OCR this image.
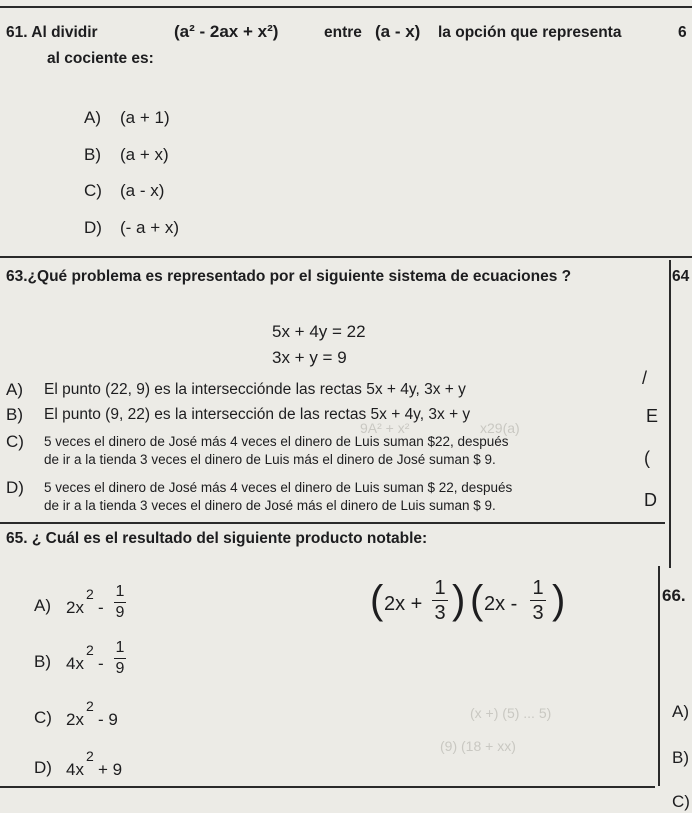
9A² + x²	x29(a)
(x +) (5) ... 5)
(9) (18 + xx)
61. Al dividir	(a² - 2ax + x²)	entre (a - x) la opción que representa	6
al cociente es:
A) (a + 1)
B) (a + x)
C) (a - x)
D) (- a + x)
63.¿Qué problema es representado por el siguiente sistema de ecuaciones ?	64
5x + 4y = 22
3x + y = 9
A) El punto (22, 9) es la intersecciónde las rectas 5x + 4y, 3x + y
B) El punto (9, 22) es la intersección de las rectas 5x + 4y, 3x + y
C) 5 veces el dinero de José más 4 veces el dinero de Luis suman $22, después
de ir a la tienda 3 veces el dinero de Luis más el dinero de José suman $ 9.
D) 5 veces el dinero de José más 4 veces el dinero de Luis suman $ 22, después
de ir a la tienda 3 veces el dinero de José más el dinero de Luis suman $ 9.
/
E
(
D
65. ¿ Cuál es el resultado del siguiente producto notable:
( 2x +
1
3 ) ( 2x -
1
3 )
A) 2x
2
-
1
9
B) 4x
2
-
1
9
C) 2x
2
- 9
D) 4x
2
+ 9
66.
A)
B)
C)
